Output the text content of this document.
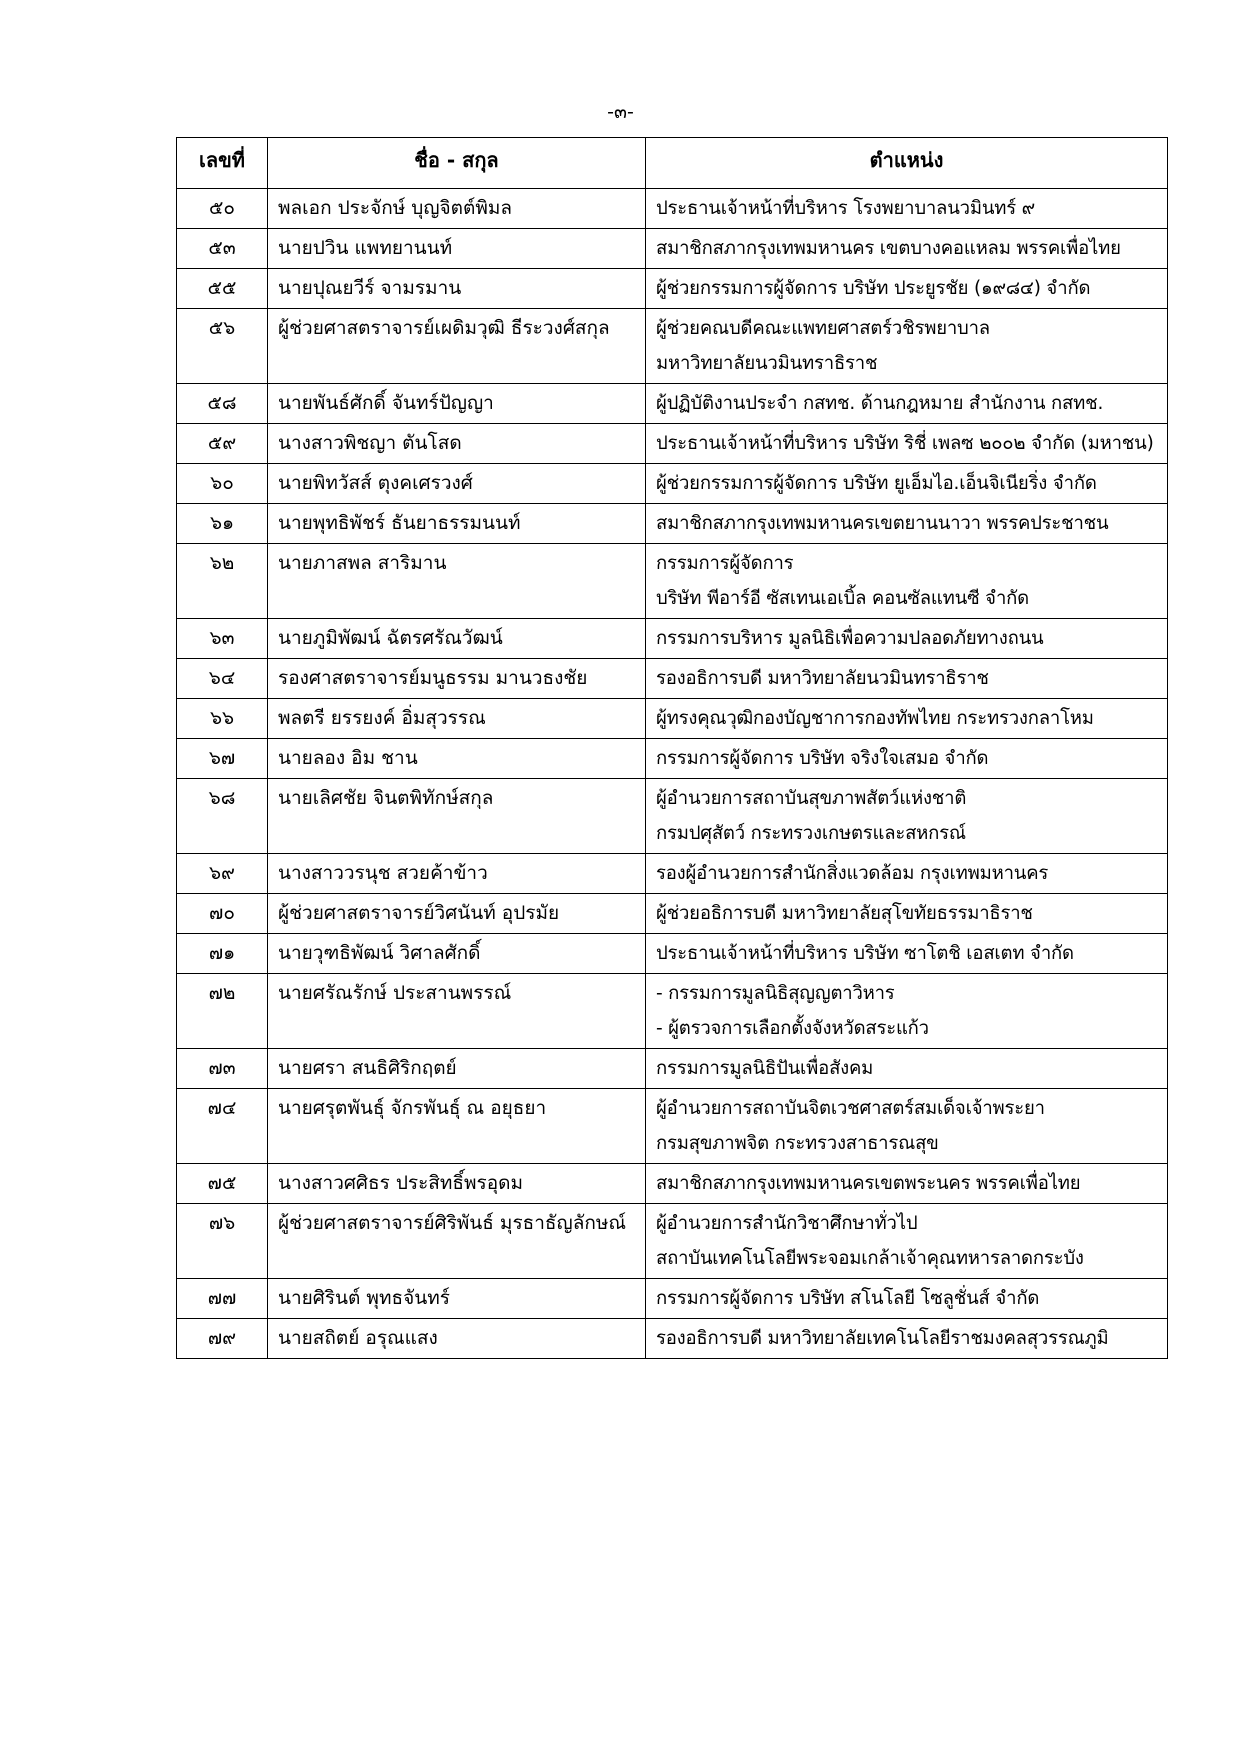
-๓-
เลขที่	ชื่อ - สกุล	ตำแหน่ง
๕๐	พลเอก ประจักษ์ บุญจิตต์พิมล	ประธานเจ้าหน้าที่บริหาร โรงพยาบาลนวมินทร์ ๙

๕๓	นายปวิน แพทยานนท์	สมาชิกสภากรุงเทพมหานคร เขตบางคอแหลม พรรคเพื่อไทย

๕๕	นายปุณยวีร์ จามรมาน	ผู้ช่วยกรรมการผู้จัดการ บริษัท ประยูรชัย (๑๙๘๔) จำกัด

๕๖	ผู้ช่วยศาสตราจารย์เผดิมวุฒิ ธีระวงศ์สกุล	ผู้ช่วยคณบดีคณะแพทยศาสตร์วชิรพยาบาล
มหาวิทยาลัยนวมินทราธิราช

๕๘	นายพันธ์ศักดิ์ จันทร์ปัญญา	ผู้ปฏิบัติงานประจำ กสทช. ด้านกฎหมาย สำนักงาน กสทช.

๕๙	นางสาวพิชญา ตันโสด	ประธานเจ้าหน้าที่บริหาร บริษัท ริชี่ เพลซ ๒๐๐๒ จำกัด (มหาชน)

๖๐	นายพิทวัสส์ ตุงคเศรวงศ์	ผู้ช่วยกรรมการผู้จัดการ บริษัท ยูเอ็มไอ.เอ็นจิเนียริ่ง จำกัด

๖๑	นายพุทธิพัชร์ ธันยาธรรมนนท์	สมาชิกสภากรุงเทพมหานครเขตยานนาวา พรรคประชาชน

๖๒	นายภาสพล สาริมาน	กรรมการผู้จัดการ
บริษัท พีอาร์อี ซัสเทนเอเบิ้ล คอนซัลแทนซี จำกัด

๖๓	นายภูมิพัฒน์ ฉัตรศรัณวัฒน์	กรรมการบริหาร มูลนิธิเพื่อความปลอดภัยทางถนน

๖๔	รองศาสตราจารย์มนูธรรม มานวธงชัย	รองอธิการบดี มหาวิทยาลัยนวมินทราธิราช

๖๖	พลตรี ยรรยงค์ อิ่มสุวรรณ	ผู้ทรงคุณวุฒิกองบัญชาการกองทัพไทย กระทรวงกลาโหม

๖๗	นายลอง อิม ชาน	กรรมการผู้จัดการ บริษัท จริงใจเสมอ จำกัด

๖๘	นายเลิศชัย จินตพิทักษ์สกุล	ผู้อำนวยการสถาบันสุขภาพสัตว์แห่งชาติ
กรมปศุสัตว์ กระทรวงเกษตรและสหกรณ์

๖๙	นางสาววรนุช สวยค้าข้าว	รองผู้อำนวยการสำนักสิ่งแวดล้อม กรุงเทพมหานคร

๗๐	ผู้ช่วยศาสตราจารย์วิศนันท์ อุปรมัย	ผู้ช่วยอธิการบดี มหาวิทยาลัยสุโขทัยธรรมาธิราช

๗๑	นายวุฑธิพัฒน์ วิศาลศักดิ์	ประธานเจ้าหน้าที่บริหาร บริษัท ซาโตชิ เอสเตท จำกัด

๗๒	นายศรัณรักษ์ ประสานพรรณ์	- กรรมการมูลนิธิสุญญตาวิหาร
- ผู้ตรวจการเลือกตั้งจังหวัดสระแก้ว

๗๓	นายศรา สนธิศิริกฤตย์	กรรมการมูลนิธิปันเพื่อสังคม

๗๔	นายศรุตพันธุ์ จักรพันธุ์ ณ อยุธยา	ผู้อำนวยการสถาบันจิตเวชศาสตร์สมเด็จเจ้าพระยา
กรมสุขภาพจิต กระทรวงสาธารณสุข

๗๕	นางสาวศศิธร ประสิทธิ์พรอุดม	สมาชิกสภากรุงเทพมหานครเขตพระนคร พรรคเพื่อไทย

๗๖	ผู้ช่วยศาสตราจารย์ศิริพันธ์ มุรธาธัญลักษณ์	ผู้อำนวยการสำนักวิชาศึกษาทั่วไป
สถาบันเทคโนโลยีพระจอมเกล้าเจ้าคุณทหารลาดกระบัง

๗๗	นายศิรินต์ พุทธจันทร์	กรรมการผู้จัดการ บริษัท สโนโลยี โซลูชั่นส์ จำกัด

๗๙	นายสถิตย์ อรุณแสง	รองอธิการบดี มหาวิทยาลัยเทคโนโลยีราชมงคลสุวรรณภูมิ
